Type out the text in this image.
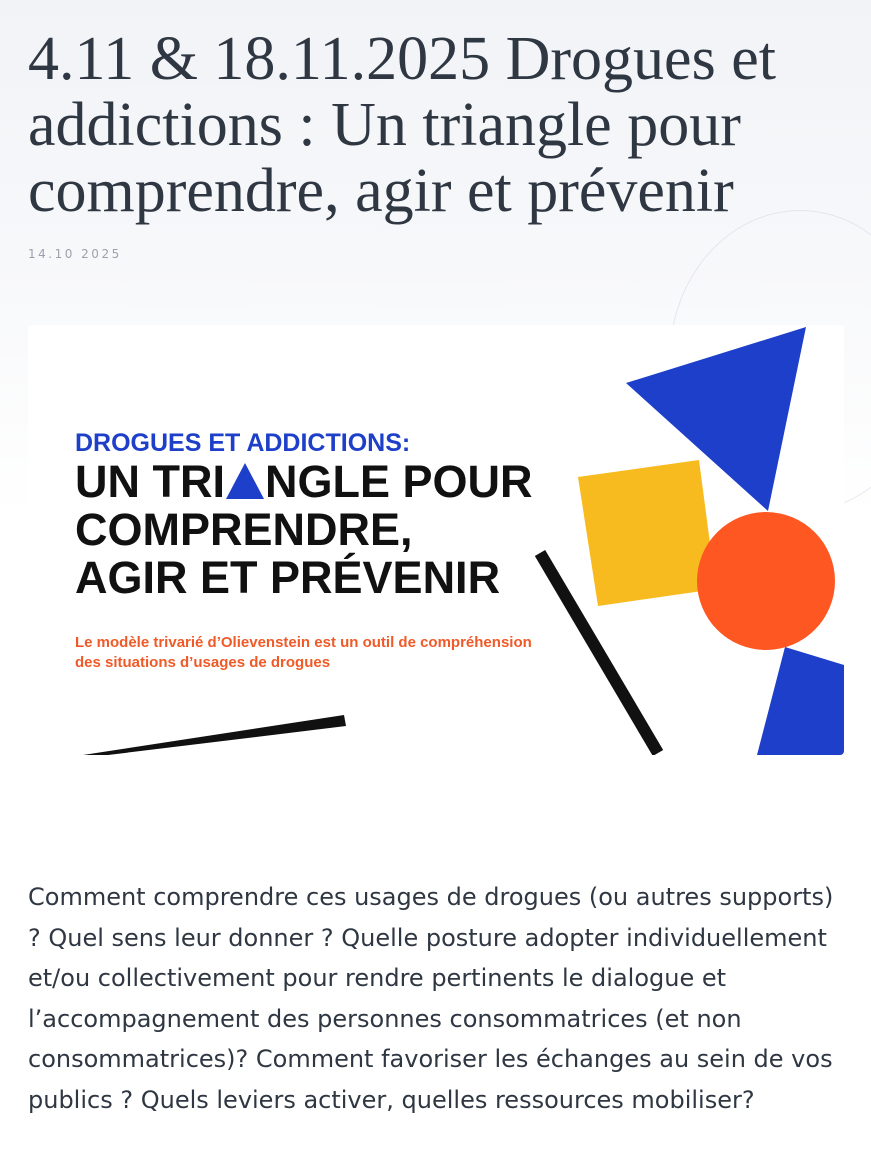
4.11 & 18.11.2025 Drogues et addictions : Un triangle pour comprendre, agir et prévenir

14.10 2025

DROGUES ET ADDICTIONS:

UN TRI NGLE POUR
COMPRENDRE,
AGIR ET PRÉVENIR

Le modèle trivarié d’Olievenstein est un outil de compréhension
des situations d’usages de drogues

Comment comprendre ces usages de drogues (ou autres supports) ? Quel sens leur donner ? Quelle posture adopter individuellement et/ou collectivement pour rendre pertinents le dialogue et l’accompagnement des personnes consommatrices (et non consommatrices)? Comment favoriser les échanges au sein de vos publics ? Quels leviers activer, quelles ressources mobiliser?
